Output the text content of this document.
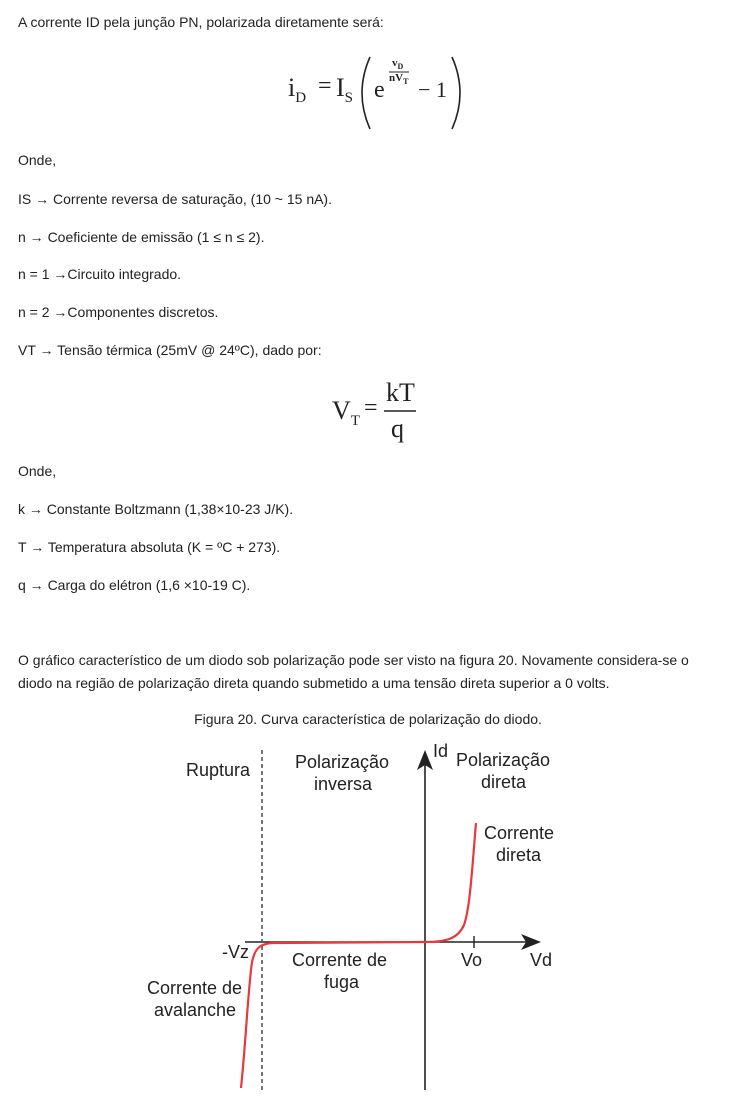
A corrente ID pela junção PN, polarizada diretamente será:
$i_D = I_S$ e
$v_D$
$nV_T - 1$
Onde,
IS → Corrente reversa de saturação, (10 ~ 15 nA).
n → Coeficiente de emissão (1 ≤ n ≤ 2).
n = 1 →Circuito integrado.
n = 2 →Componentes discretos.
VT → Tensão térmica (25mV @ 24ºC), dado por:
$V_T$
=
kT
q
Onde,
k → Constante Boltzmann (1,38×10-23 J/K).
T → Temperatura absoluta (K = ºC + 273).
q → Carga do elétron (1,6 ×10-19 C).
O gráfico característico de um diodo sob polarização pode ser visto na figura 20. Novamente considera-se o diodo na região de polarização direta quando submetido a uma tensão direta superior a 0 volts.
Figura 20. Curva característica de polarização do diodo.
Ruptura Polarização
inversa
Id Polarização
direta
Corrente
direta
-Vz Corrente de
fuga
Vo	Vd
Corrente de
avalanche
